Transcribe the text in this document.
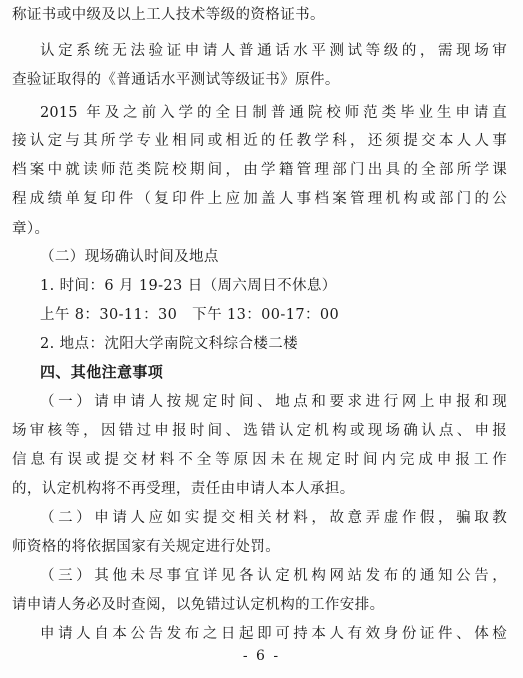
称证书或中级及以上工人技术等级的资格证书。
认定系统无法验证申请人普通话水平测试等级的，需现场审
查验证取得的《普通话水平测试等级证书》原件。
2015 年及之前入学的全日制普通院校师范类毕业生申请直
接认定与其所学专业相同或相近的任教学科，还须提交本人人事
档案中就读师范类院校期间，由学籍管理部门出具的全部所学课
程成绩单复印件（复印件上应加盖人事档案管理机构或部门的公
章）。
（二）现场确认时间及地点
1. 时间：6 月 19-23 日（周六周日不休息）
上午 8：30-11：30　下午 13：00-17：00
2. 地点：沈阳大学南院文科综合楼二楼
四、其他注意事项
（一）请申请人按规定时间、地点和要求进行网上申报和现
场审核等，因错过申报时间、选错认定机构或现场确认点、申报
信息有误或提交材料不全等原因未在规定时间内完成申报工作
的，认定机构将不再受理，责任由申请人本人承担。
（二）申请人应如实提交相关材料，故意弄虚作假，骗取教
师资格的将依据国家有关规定进行处罚。
（三）其他未尽事宜详见各认定机构网站发布的通知公告，
请申请人务必及时查阅，以免错过认定机构的工作安排。
申请人自本公告发布之日起即可持本人有效身份证件、体检
- 6 -
